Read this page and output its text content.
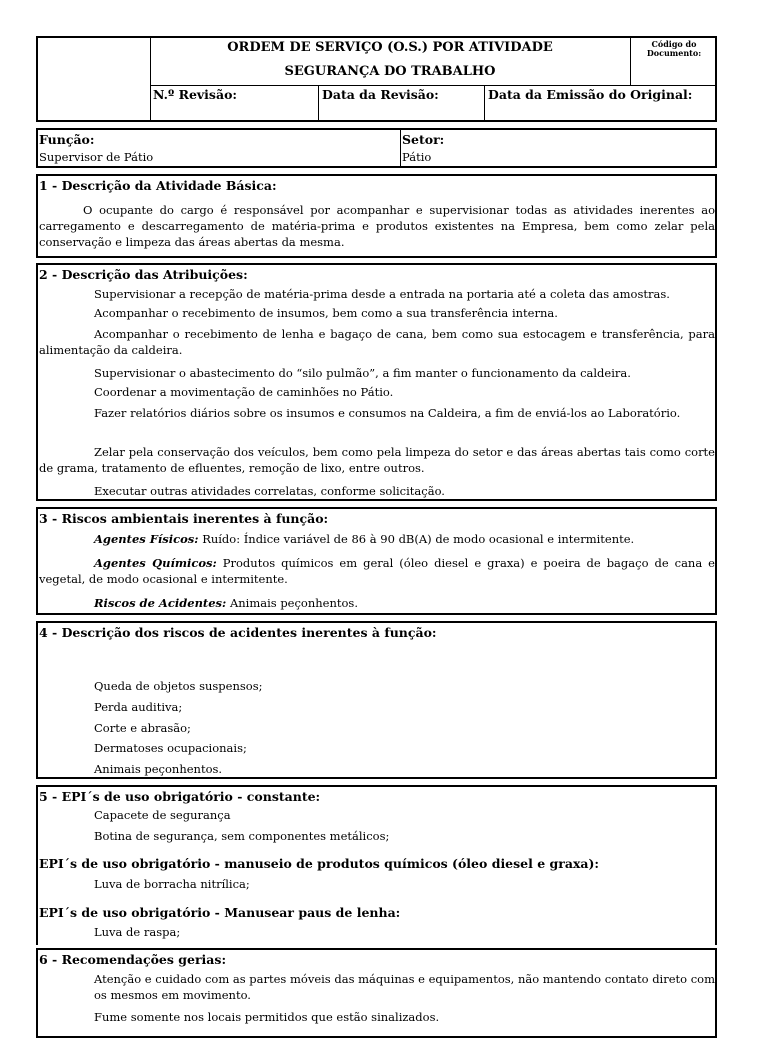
ORDEM DE SERVIÇO (O.S.) POR ATIVIDADE
SEGURANÇA DO TRABALHO
Código do
Documento:
N.º Revisão:	Data da Revisão:	Data da Emissão do Original:
Função:
Supervisor de Pátio
Setor:
Pátio
1 - Descrição da Atividade Básica:
O ocupante do cargo é responsável por acompanhar e supervisionar todas as atividades inerentes ao carregamento e descarregamento de matéria-prima e produtos existentes na Empresa, bem como zelar pela conservação e limpeza das áreas abertas da mesma.
2 - Descrição das Atribuições:
Supervisionar a recepção de matéria-prima desde a entrada na portaria até a coleta das amostras.
Acompanhar o recebimento de insumos, bem como a sua transferência interna.
Acompanhar o recebimento de lenha e bagaço de cana, bem como sua estocagem e transferência, para alimentação da caldeira.
Supervisionar o abastecimento do “silo pulmão”, a fim manter o funcionamento da caldeira.
Coordenar a movimentação de caminhões no Pátio.
Fazer relatórios diários sobre os insumos e consumos na Caldeira, a fim de enviá-los ao Laboratório.
Zelar pela conservação dos veículos, bem como pela limpeza do setor e das áreas abertas tais como corte de grama, tratamento de efluentes, remoção de lixo, entre outros.
Executar outras atividades correlatas, conforme solicitação.
3 - Riscos ambientais inerentes à função:
Agentes Físicos: Ruído: Índice variável de 86 à 90 dB(A) de modo ocasional e intermitente.
Agentes Químicos: Produtos químicos em geral (óleo diesel e graxa) e poeira de bagaço de cana e vegetal, de modo ocasional e intermitente.
Riscos de Acidentes: Animais peçonhentos.
4 - Descrição dos riscos de acidentes inerentes à função:
Queda de objetos suspensos;
Perda auditiva;
Corte e abrasão;
Dermatoses ocupacionais;
Animais peçonhentos.
5 - EPI´s de uso obrigatório - constante:
Capacete de segurança
Botina de segurança, sem componentes metálicos;
EPI´s de uso obrigatório - manuseio de produtos químicos (óleo diesel e graxa):
Luva de borracha nitrílica;
EPI´s de uso obrigatório - Manusear paus de lenha:
Luva de raspa;
6 - Recomendações gerias:
Atenção e cuidado com as partes móveis das máquinas e equipamentos, não mantendo contato direto com os mesmos em movimento.
Fume somente nos locais permitidos que estão sinalizados.
